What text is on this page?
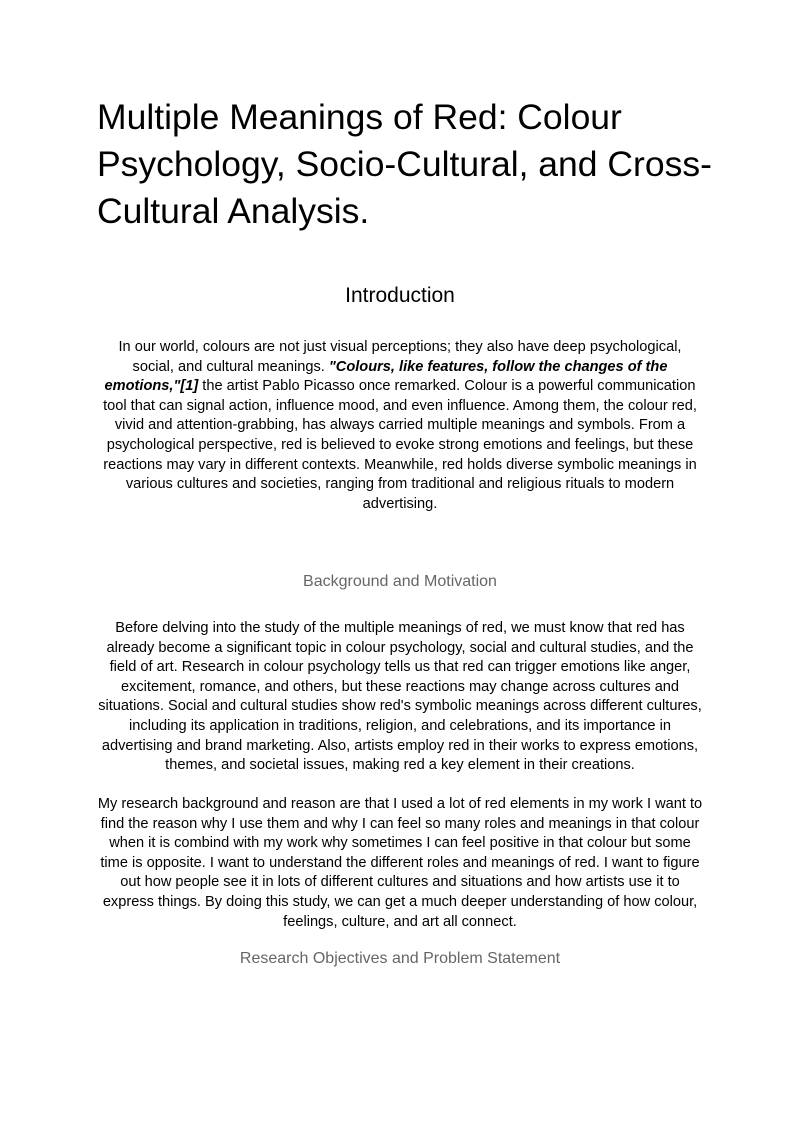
Multiple Meanings of Red: Colour Psychology, Socio-Cultural, and Cross-Cultural Analysis.
Introduction

In our world, colours are not just visual perceptions; they also have deep psychological, social, and cultural meanings. "Colours, like features, follow the changes of the emotions,"[1] the artist Pablo Picasso once remarked. Colour is a powerful communication tool that can signal action, influence mood, and even influence. Among them, the colour red, vivid and attention-grabbing, has always carried multiple meanings and symbols. From a psychological perspective, red is believed to evoke strong emotions and feelings, but these reactions may vary in different contexts. Meanwhile, red holds diverse symbolic meanings in various cultures and societies, ranging from traditional and religious rituals to modern advertising.

Background and Motivation

Before delving into the study of the multiple meanings of red, we must know that red has already become a significant topic in colour psychology, social and cultural studies, and the field of art. Research in colour psychology tells us that red can trigger emotions like anger, excitement, romance, and others, but these reactions may change across cultures and situations. Social and cultural studies show red's symbolic meanings across different cultures, including its application in traditions, religion, and celebrations, and its importance in advertising and brand marketing. Also, artists employ red in their works to express emotions, themes, and societal issues, making red a key element in their creations.

My research background and reason are that I used a lot of red elements in my work I want to find the reason why I use them and why I can feel so many roles and meanings in that colour when it is combind with my work why sometimes I can feel positive in that colour but some time is opposite. I want to understand the different roles and meanings of red. I want to figure out how people see it in lots of different cultures and situations and how artists use it to express things. By doing this study, we can get a much deeper understanding of how colour, feelings, culture, and art all connect.

Research Objectives and Problem Statement
